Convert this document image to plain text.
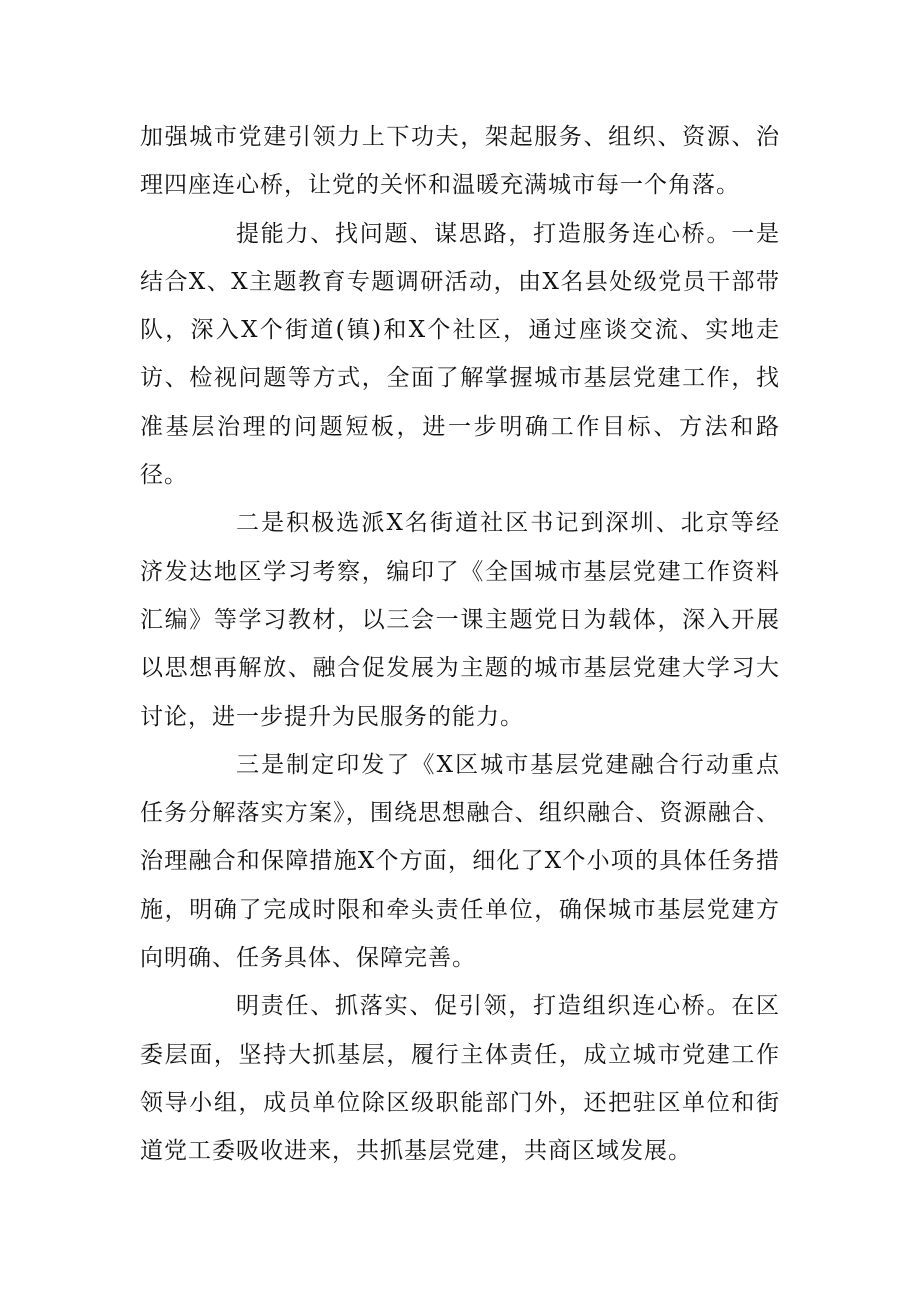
加强城市党建引领力上下功夫，架起服务、组织、资源、治理四座连心桥，让党的关怀和温暖充满城市每一个角落。

提能力、找问题、谋思路，打造服务连心桥。一是结合X、X主题教育专题调研活动，由X名县处级党员干部带队，深入X个街道(镇)和X个社区，通过座谈交流、实地走访、检视问题等方式，全面了解掌握城市基层党建工作，找准基层治理的问题短板，进一步明确工作目标、方法和路径。

二是积极选派X名街道社区书记到深圳、北京等经济发达地区学习考察，编印了《全国城市基层党建工作资料汇编》等学习教材，以三会一课主题党日为载体，深入开展以思想再解放、融合促发展为主题的城市基层党建大学习大讨论，进一步提升为民服务的能力。

三是制定印发了《X区城市基层党建融合行动重点任务分解落实方案》，围绕思想融合、组织融合、资源融合、治理融合和保障措施X个方面，细化了X个小项的具体任务措施，明确了完成时限和牵头责任单位，确保城市基层党建方向明确、任务具体、保障完善。

明责任、抓落实、促引领，打造组织连心桥。在区委层面，坚持大抓基层，履行主体责任，成立城市党建工作领导小组，成员单位除区级职能部门外，还把驻区单位和街道党工委吸收进来，共抓基层党建，共商区域发展。
